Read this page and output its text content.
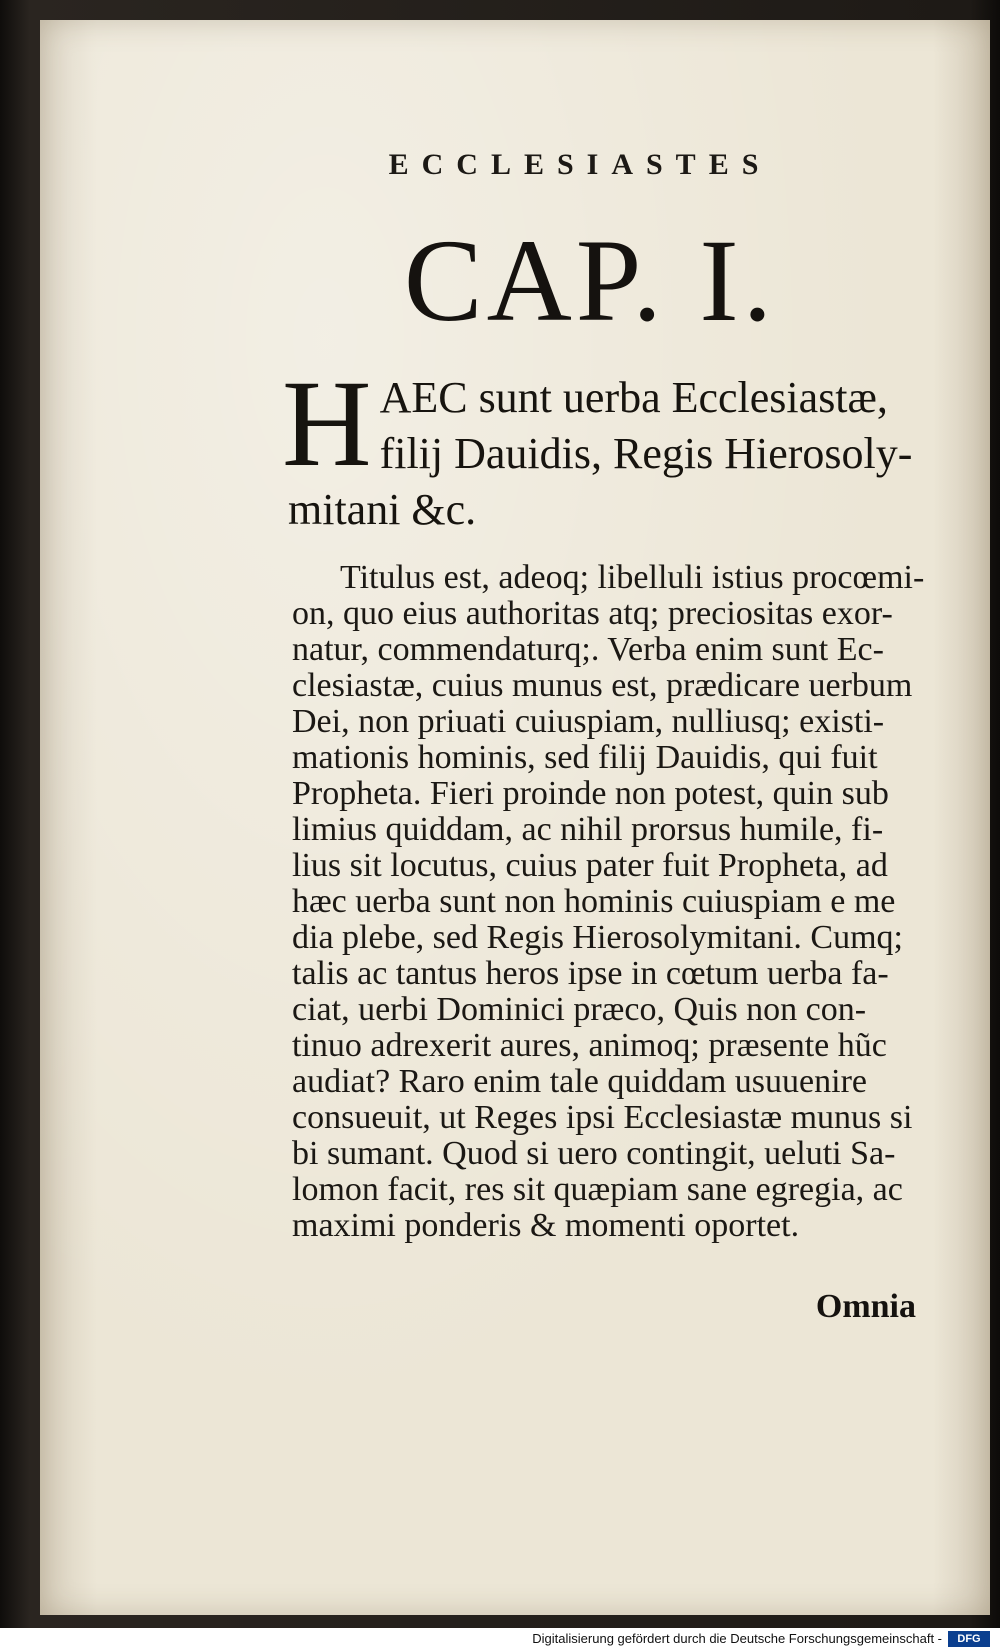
ECCLESIASTES
CAP. I.
H AEC sunt uerba Ecclesiastæ,
filij Dauidis, Regis Hierosoly-
mitani &c.
Titulus est, adeoq; libelluli istius procœmi-
on, quo eius authoritas atq; preciositas exor-
natur, commendaturq;. Verba enim sunt Ec-
clesiastæ, cuius munus est, prædicare uerbum
Dei, non priuati cuiuspiam, nulliusq; existi-
mationis hominis, sed filij Dauidis, qui fuit
Propheta. Fieri proinde non potest, quin sub
limius quiddam, ac nihil prorsus humile, fi-
lius sit locutus, cuius pater fuit Propheta, ad
hæc uerba sunt non hominis cuiuspiam e me
dia plebe, sed Regis Hierosolymitani. Cumq;
talis ac tantus heros ipse in cœtum uerba fa-
ciat, uerbi Dominici præco, Quis non con-
tinuo adrexerit aures, animoq; præsente hũc
audiat? Raro enim tale quiddam usuuenire
consueuit, ut Reges ipsi Ecclesiastæ munus si
bi sumant. Quod si uero contingit, ueluti Sa-
lomon facit, res sit quæpiam sane egregia, ac
maximi ponderis & momenti oportet.
Omnia
Digitalisierung gefördert durch die Deutsche Forschungsgemeinschaft -	DFG
